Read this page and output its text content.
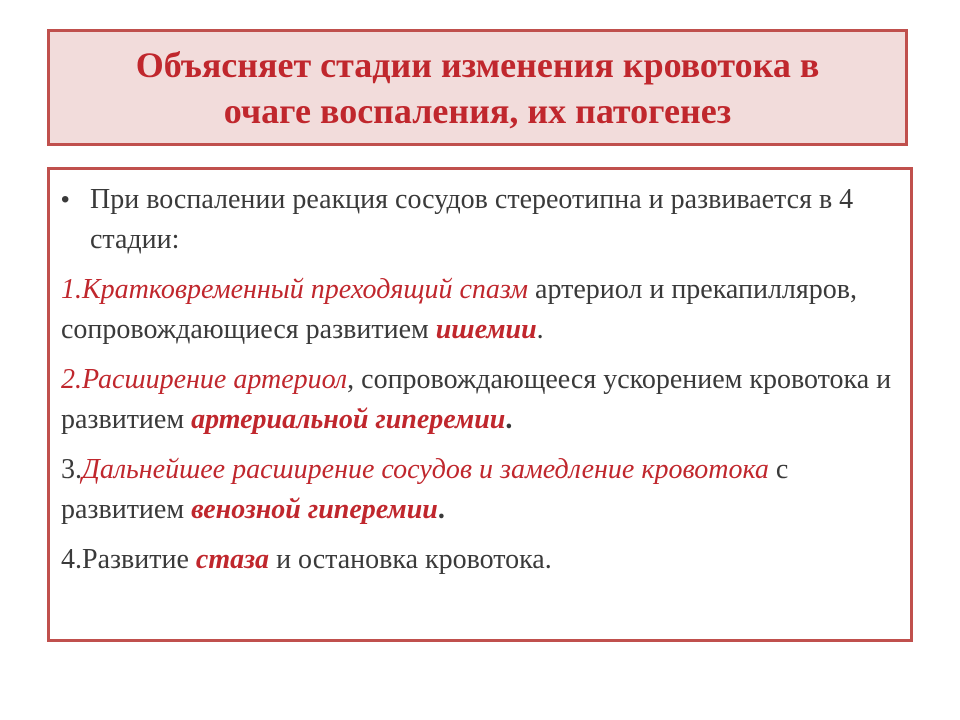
Объясняет стадии изменения кровотока в
очаге воспаления, их патогенез

• При воспалении реакция сосудов стереотипна и развивается в 4 стадии:

1.Кратковременный преходящий спазм артериол и прекапилляров, сопровождающиеся развитием ишемии.

2.Расширение артериол, сопровождающееся ускорением кровотока и развитием артериальной гиперемии.

3.Дальнейшее расширение сосудов и замедление кровотока с развитием венозной гиперемии.

4.Развитие стаза и остановка кровотока.
